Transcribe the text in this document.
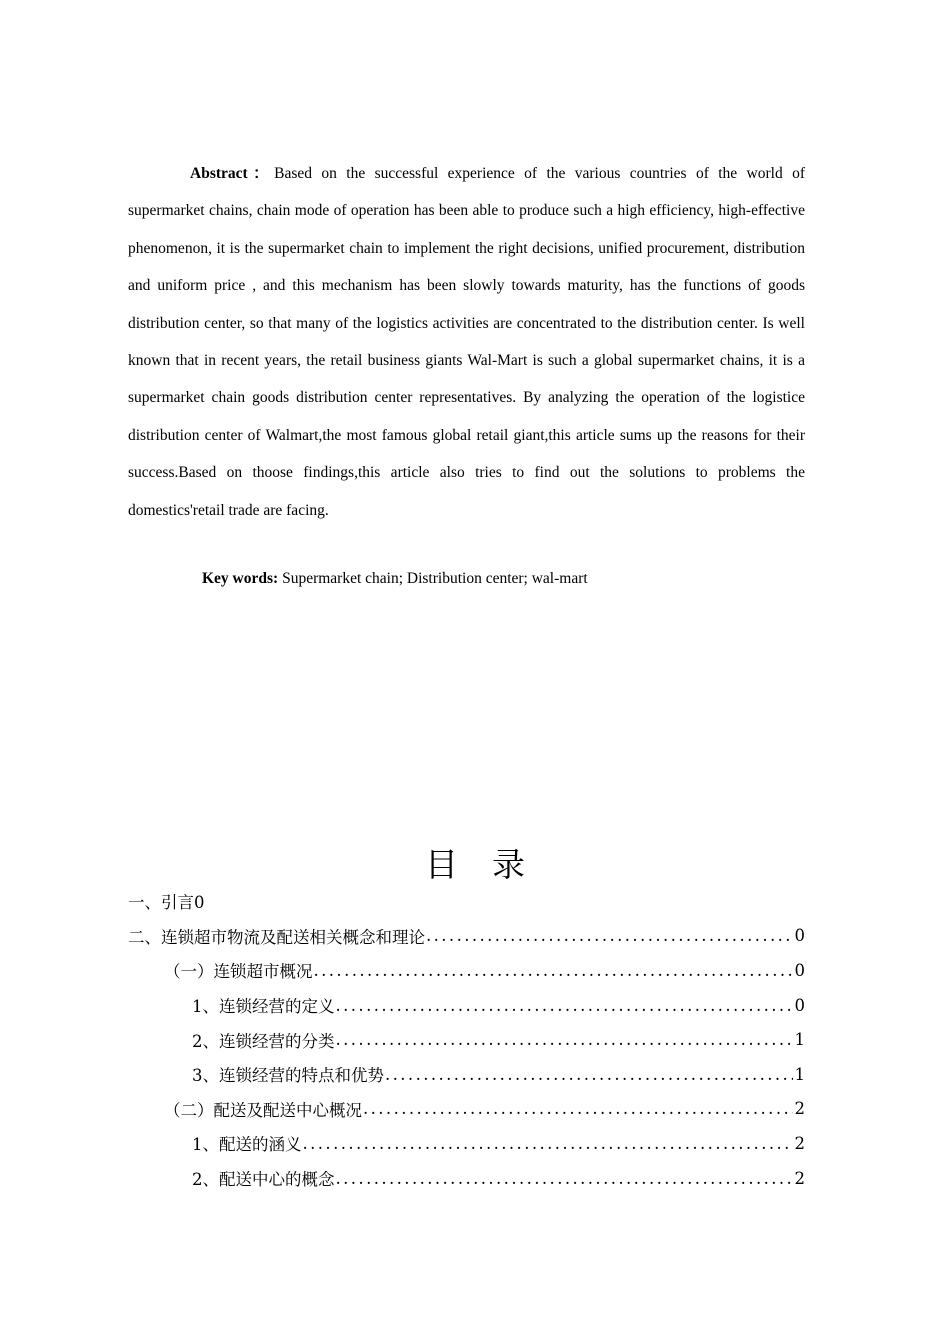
Abstract：Based on the successful experience of the various countries of the world of supermarket chains, chain mode of operation has been able to produce such a high efficiency, high-effective phenomenon, it is the supermarket chain to implement the right decisions, unified procurement, distribution and uniform price , and this mechanism has been slowly towards maturity, has the functions of goods distribution center, so that many of the logistics activities are concentrated to the distribution center. Is well known that in recent years, the retail business giants Wal-Mart is such a global supermarket chains, it is a supermarket chain goods distribution center representatives. By analyzing the operation of the logistice distribution center of Walmart,the most famous global retail giant,this article sums up the reasons for their success.Based on thoose findings,this article also tries to find out the solutions to problems the domestics'retail trade are facing.

Key words: Supermarket chain; Distribution center; wal-mart
目录
一、引言0
二、连锁超市物流及配送相关概念和理论 .....	0
（一）连锁超市概况 .....	0
1、连锁经营的定义 .....	0
2、连锁经营的分类 .....	1
3、连锁经营的特点和优势 .....	1
（二）配送及配送中心概况 .....	2
1、配送的涵义 .....	2
2、配送中心的概念 .....	2
